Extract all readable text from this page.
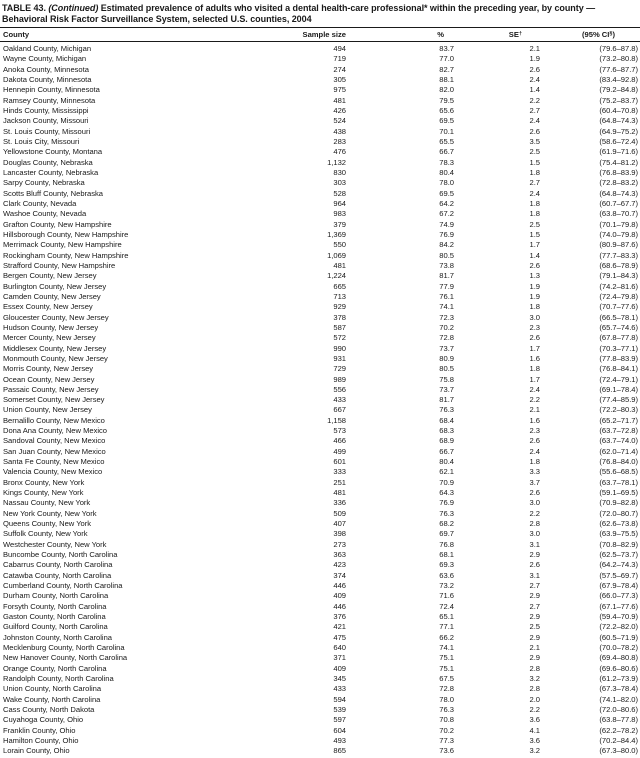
TABLE 43. (Continued) Estimated prevalence of adults who visited a dental health-care professional* within the preceding year, by county — Behavioral Risk Factor Surveillance System, selected U.S. counties, 2004
County	Sample size	%	SE†	(95% CI§)
Oakland County, Michigan	494	83.7	2.1	(79.6–87.8)
Wayne County, Michigan	719	77.0	1.9	(73.2–80.8)
Anoka County, Minnesota	274	82.7	2.6	(77.6–87.7)
Dakota County, Minnesota	305	88.1	2.4	(83.4–92.8)
Hennepin County, Minnesota	975	82.0	1.4	(79.2–84.8)
Ramsey County, Minnesota	481	79.5	2.2	(75.2–83.7)
Hinds County, Mississippi	426	65.6	2.7	(60.4–70.8)
Jackson County, Missouri	524	69.5	2.4	(64.8–74.3)
St. Louis County, Missouri	438	70.1	2.6	(64.9–75.2)
St. Louis City, Missouri	283	65.5	3.5	(58.6–72.4)
Yellowstone County, Montana	476	66.7	2.5	(61.9–71.6)
Douglas County, Nebraska	1,132	78.3	1.5	(75.4–81.2)
Lancaster County, Nebraska	830	80.4	1.8	(76.8–83.9)
Sarpy County, Nebraska	303	78.0	2.7	(72.8–83.2)
Scotts Bluff County, Nebraska	528	69.5	2.4	(64.8–74.3)
Clark County, Nevada	964	64.2	1.8	(60.7–67.7)
Washoe County, Nevada	983	67.2	1.8	(63.8–70.7)
Grafton County, New Hampshire	379	74.9	2.5	(70.1–79.8)
Hillsborough County, New Hampshire	1,369	76.9	1.5	(74.0–79.8)
Merrimack County, New Hampshire	550	84.2	1.7	(80.9–87.6)
Rockingham County, New Hampshire	1,069	80.5	1.4	(77.7–83.3)
Strafford County, New Hampshire	481	73.8	2.6	(68.6–78.9)
Bergen County, New Jersey	1,224	81.7	1.3	(79.1–84.3)
Burlington County, New Jersey	665	77.9	1.9	(74.2–81.6)
Camden County, New Jersey	713	76.1	1.9	(72.4–79.8)
Essex County, New Jersey	929	74.1	1.8	(70.7–77.6)
Gloucester County, New Jersey	378	72.3	3.0	(66.5–78.1)
Hudson County, New Jersey	587	70.2	2.3	(65.7–74.6)
Mercer County, New Jersey	572	72.8	2.6	(67.8–77.8)
Middlesex County, New Jersey	990	73.7	1.7	(70.3–77.1)
Monmouth County, New Jersey	931	80.9	1.6	(77.8–83.9)
Morris County, New Jersey	729	80.5	1.8	(76.8–84.1)
Ocean County, New Jersey	989	75.8	1.7	(72.4–79.1)
Passaic County, New Jersey	556	73.7	2.4	(69.1–78.4)
Somerset County, New Jersey	433	81.7	2.2	(77.4–85.9)
Union County, New Jersey	667	76.3	2.1	(72.2–80.3)
Bernalillo County, New Mexico	1,158	68.4	1.6	(65.2–71.7)
Dona Ana County, New Mexico	573	68.3	2.3	(63.7–72.8)
Sandoval County, New Mexico	466	68.9	2.6	(63.7–74.0)
San Juan County, New Mexico	499	66.7	2.4	(62.0–71.4)
Santa Fe County, New Mexico	601	80.4	1.8	(76.8–84.0)
Valencia County, New Mexico	333	62.1	3.3	(55.6–68.5)
Bronx County, New York	251	70.9	3.7	(63.7–78.1)
Kings County, New York	481	64.3	2.6	(59.1–69.5)
Nassau County, New York	336	76.9	3.0	(70.9–82.8)
New York County, New York	509	76.3	2.2	(72.0–80.7)
Queens County, New York	407	68.2	2.8	(62.6–73.8)
Suffolk County, New York	398	69.7	3.0	(63.9–75.5)
Westchester County, New York	273	76.8	3.1	(70.8–82.9)
Buncombe County, North Carolina	363	68.1	2.9	(62.5–73.7)
Cabarrus County, North Carolina	423	69.3	2.6	(64.2–74.3)
Catawba County, North Carolina	374	63.6	3.1	(57.5–69.7)
Cumberland County, North Carolina	446	73.2	2.7	(67.9–78.4)
Durham County, North Carolina	409	71.6	2.9	(66.0–77.3)
Forsyth County, North Carolina	446	72.4	2.7	(67.1–77.6)
Gaston County, North Carolina	376	65.1	2.9	(59.4–70.9)
Guilford County, North Carolina	421	77.1	2.5	(72.2–82.0)
Johnston County, North Carolina	475	66.2	2.9	(60.5–71.9)
Mecklenburg County, North Carolina	640	74.1	2.1	(70.0–78.2)
New Hanover County, North Carolina	371	75.1	2.9	(69.4–80.8)
Orange County, North Carolina	409	75.1	2.8	(69.6–80.6)
Randolph County, North Carolina	345	67.5	3.2	(61.2–73.9)
Union County, North Carolina	433	72.8	2.8	(67.3–78.4)
Wake County, North Carolina	594	78.0	2.0	(74.1–82.0)
Cass County, North Dakota	539	76.3	2.2	(72.0–80.6)
Cuyahoga County, Ohio	597	70.8	3.6	(63.8–77.8)
Franklin County, Ohio	604	70.2	4.1	(62.2–78.2)
Hamilton County, Ohio	493	77.3	3.6	(70.2–84.4)
Lorain County, Ohio	865	73.6	3.2	(67.3–80.0)
